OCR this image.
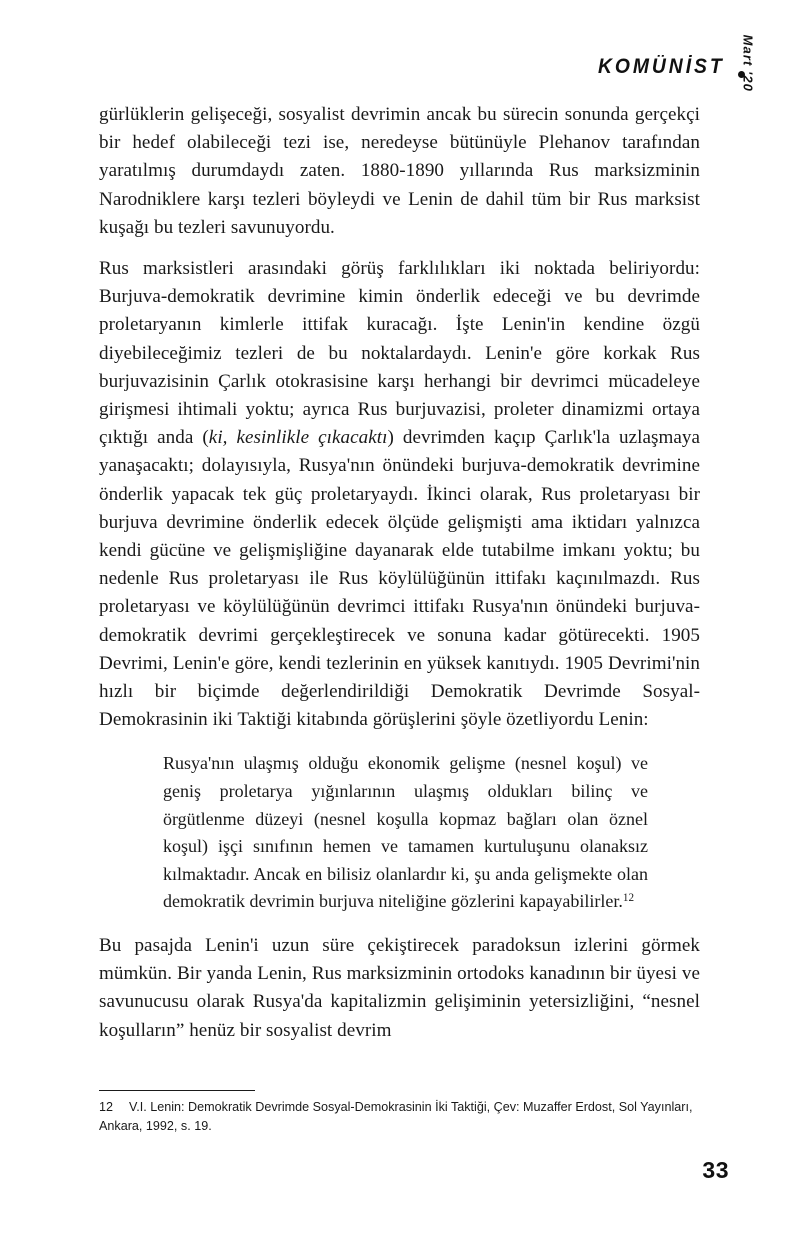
KOMÜNİST Mart '20

gürlüklerin gelişeceği, sosyalist devrimin ancak bu sürecin sonunda gerçekçi bir hedef olabileceği tezi ise, neredeyse bütünüyle Plehanov tarafından yaratılmış durumdaydı zaten. 1880-1890 yıllarında Rus marksizminin Narodniklere karşı tezleri böyleydi ve Lenin de dahil tüm bir Rus marksist kuşağı bu tezleri savunuyordu.

Rus marksistleri arasındaki görüş farklılıkları iki noktada beliriyordu: Burjuva-demokratik devrimine kimin önderlik edeceği ve bu devrimde proletaryanın kimlerle ittifak kuracağı. İşte Lenin'in kendine özgü diyebileceğimiz tezleri de bu noktalardaydı. Lenin'e göre korkak Rus burjuvazisinin Çarlık otokrasisine karşı herhangi bir devrimci mücadeleye girişmesi ihtimali yoktu; ayrıca Rus burjuvazisi, proleter dinamizmi ortaya çıktığı anda (ki, kesinlikle çıkacaktı) devrimden kaçıp Çarlık'la uzlaşmaya yanaşacaktı; dolayısıyla, Rusya'nın önündeki burjuva-demokratik devrimine önderlik yapacak tek güç proletaryaydı. İkinci olarak, Rus proletaryası bir burjuva devrimine önderlik edecek ölçüde gelişmişti ama iktidarı yalnızca kendi gücüne ve gelişmişliğine dayanarak elde tutabilme imkanı yoktu; bu nedenle Rus proletaryası ile Rus köylülüğünün ittifakı kaçınılmazdı. Rus proletaryası ve köylülüğünün devrimci ittifakı Rusya'nın önündeki burjuva-demokratik devrimi gerçekleştirecek ve sonuna kadar götürecekti. 1905 Devrimi, Lenin'e göre, kendi tezlerinin en yüksek kanıtıydı. 1905 Devrimi'nin hızlı bir biçimde değerlendirildiği Demokratik Devrimde Sosyal-Demokrasinin iki Taktiği kitabında görüşlerini şöyle özetliyordu Lenin:

Rusya'nın ulaşmış olduğu ekonomik gelişme (nesnel koşul) ve geniş proletarya yığınlarının ulaşmış oldukları bilinç ve örgütlenme düzeyi (nesnel koşulla kopmaz bağları olan öznel koşul) işçi sınıfının hemen ve tamamen kurtuluşunu olanaksız kılmaktadır. Ancak en bilisiz olanlardır ki, şu anda gelişmekte olan demokratik devrimin burjuva niteliğine gözlerini kapayabilirler.$^{12}$

Bu pasajda Lenin'i uzun süre çekiştirecek paradoksun izlerini görmek mümkün. Bir yanda Lenin, Rus marksizminin ortodoks kanadının bir üyesi ve savunucusu olarak Rusya'da kapitalizmin gelişiminin yetersizliğini, “nesnel koşulların” henüz bir sosyalist devrim

12 V.I. Lenin: Demokratik Devrimde Sosyal-Demokrasinin İki Taktiği, Çev: Muzaffer Erdost, Sol Yayınları, Ankara, 1992, s. 19.
33
